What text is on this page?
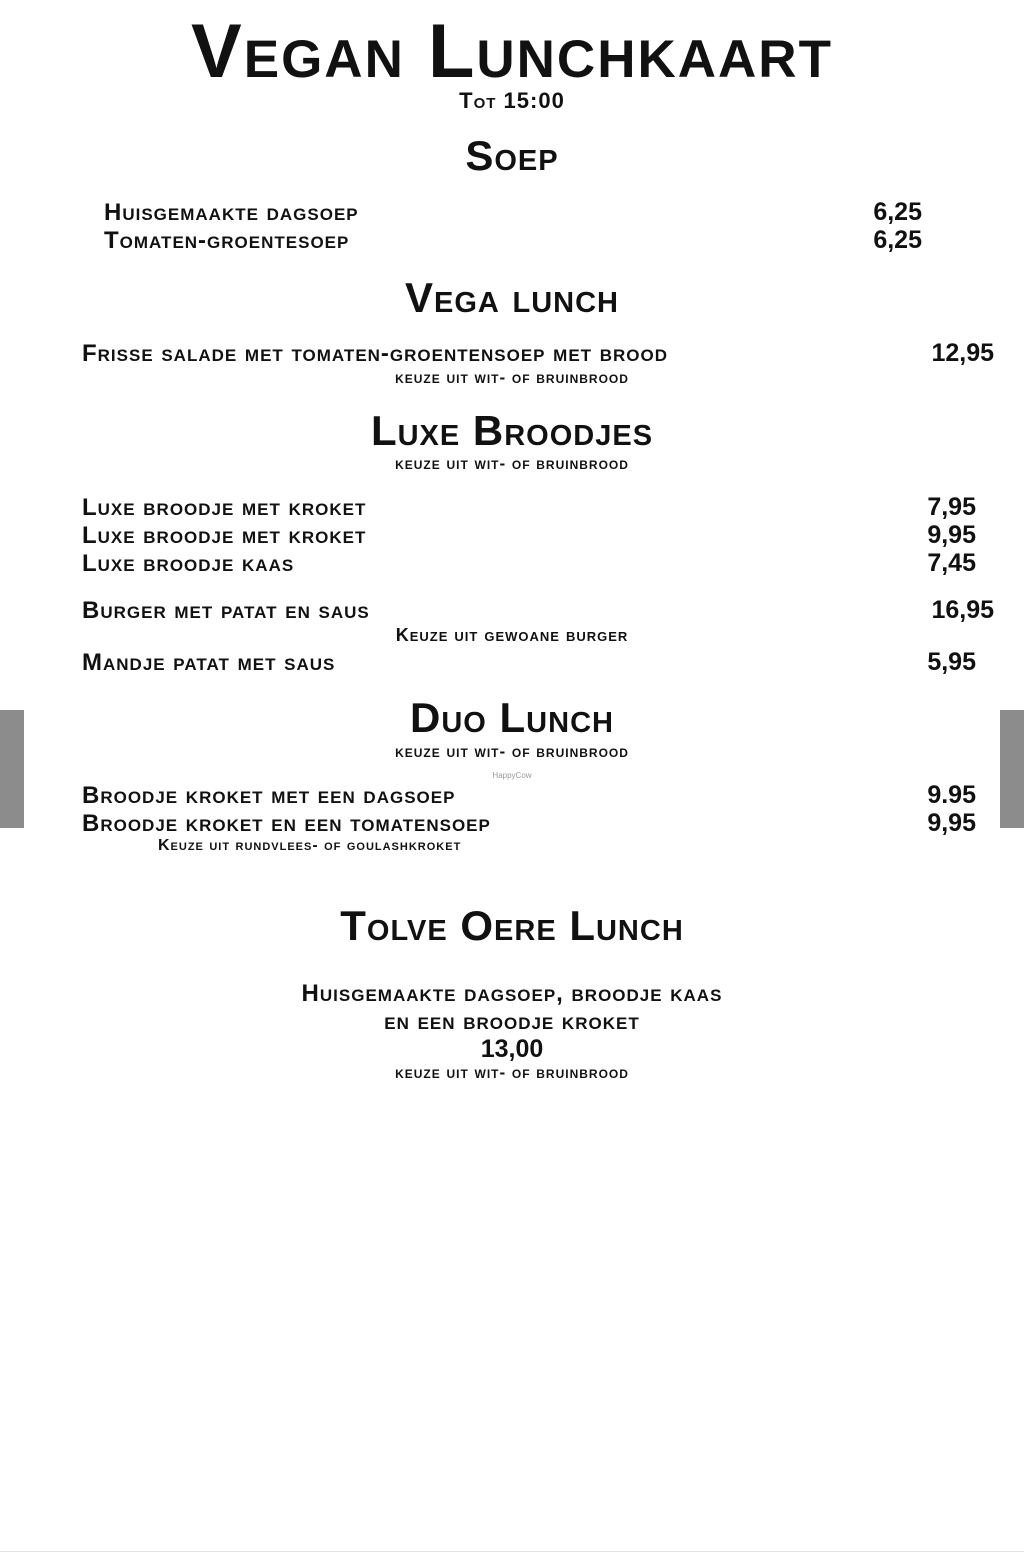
Vegan Lunchkaart
Tot 15:00
Soep
Huisgemaakte dagsoep	6,25
Tomaten-groentesoep	6,25
Vega lunch
Frisse salade met tomaten-groentensoep met brood	12,95
keuze uit wit- of bruinbrood
Luxe Broodjes
keuze uit wit- of bruinbrood
Luxe broodje met kroket	7,95
Luxe broodje met kroket	9,95
Luxe broodje kaas	7,45
Burger met patat en saus	16,95
Keuze uit gewoane burger
Mandje patat met saus	5,95
Duo Lunch
keuze uit wit- of bruinbrood
HappyCow
Broodje kroket met een dagsoep	9.95
Broodje kroket en een tomatensoep	9,95
Keuze uit rundvlees- of goulashkroket
Tolve Oere Lunch
Huisgemaakte dagsoep, broodje kaas
en een broodje kroket
13,00
keuze uit wit- of bruinbrood
